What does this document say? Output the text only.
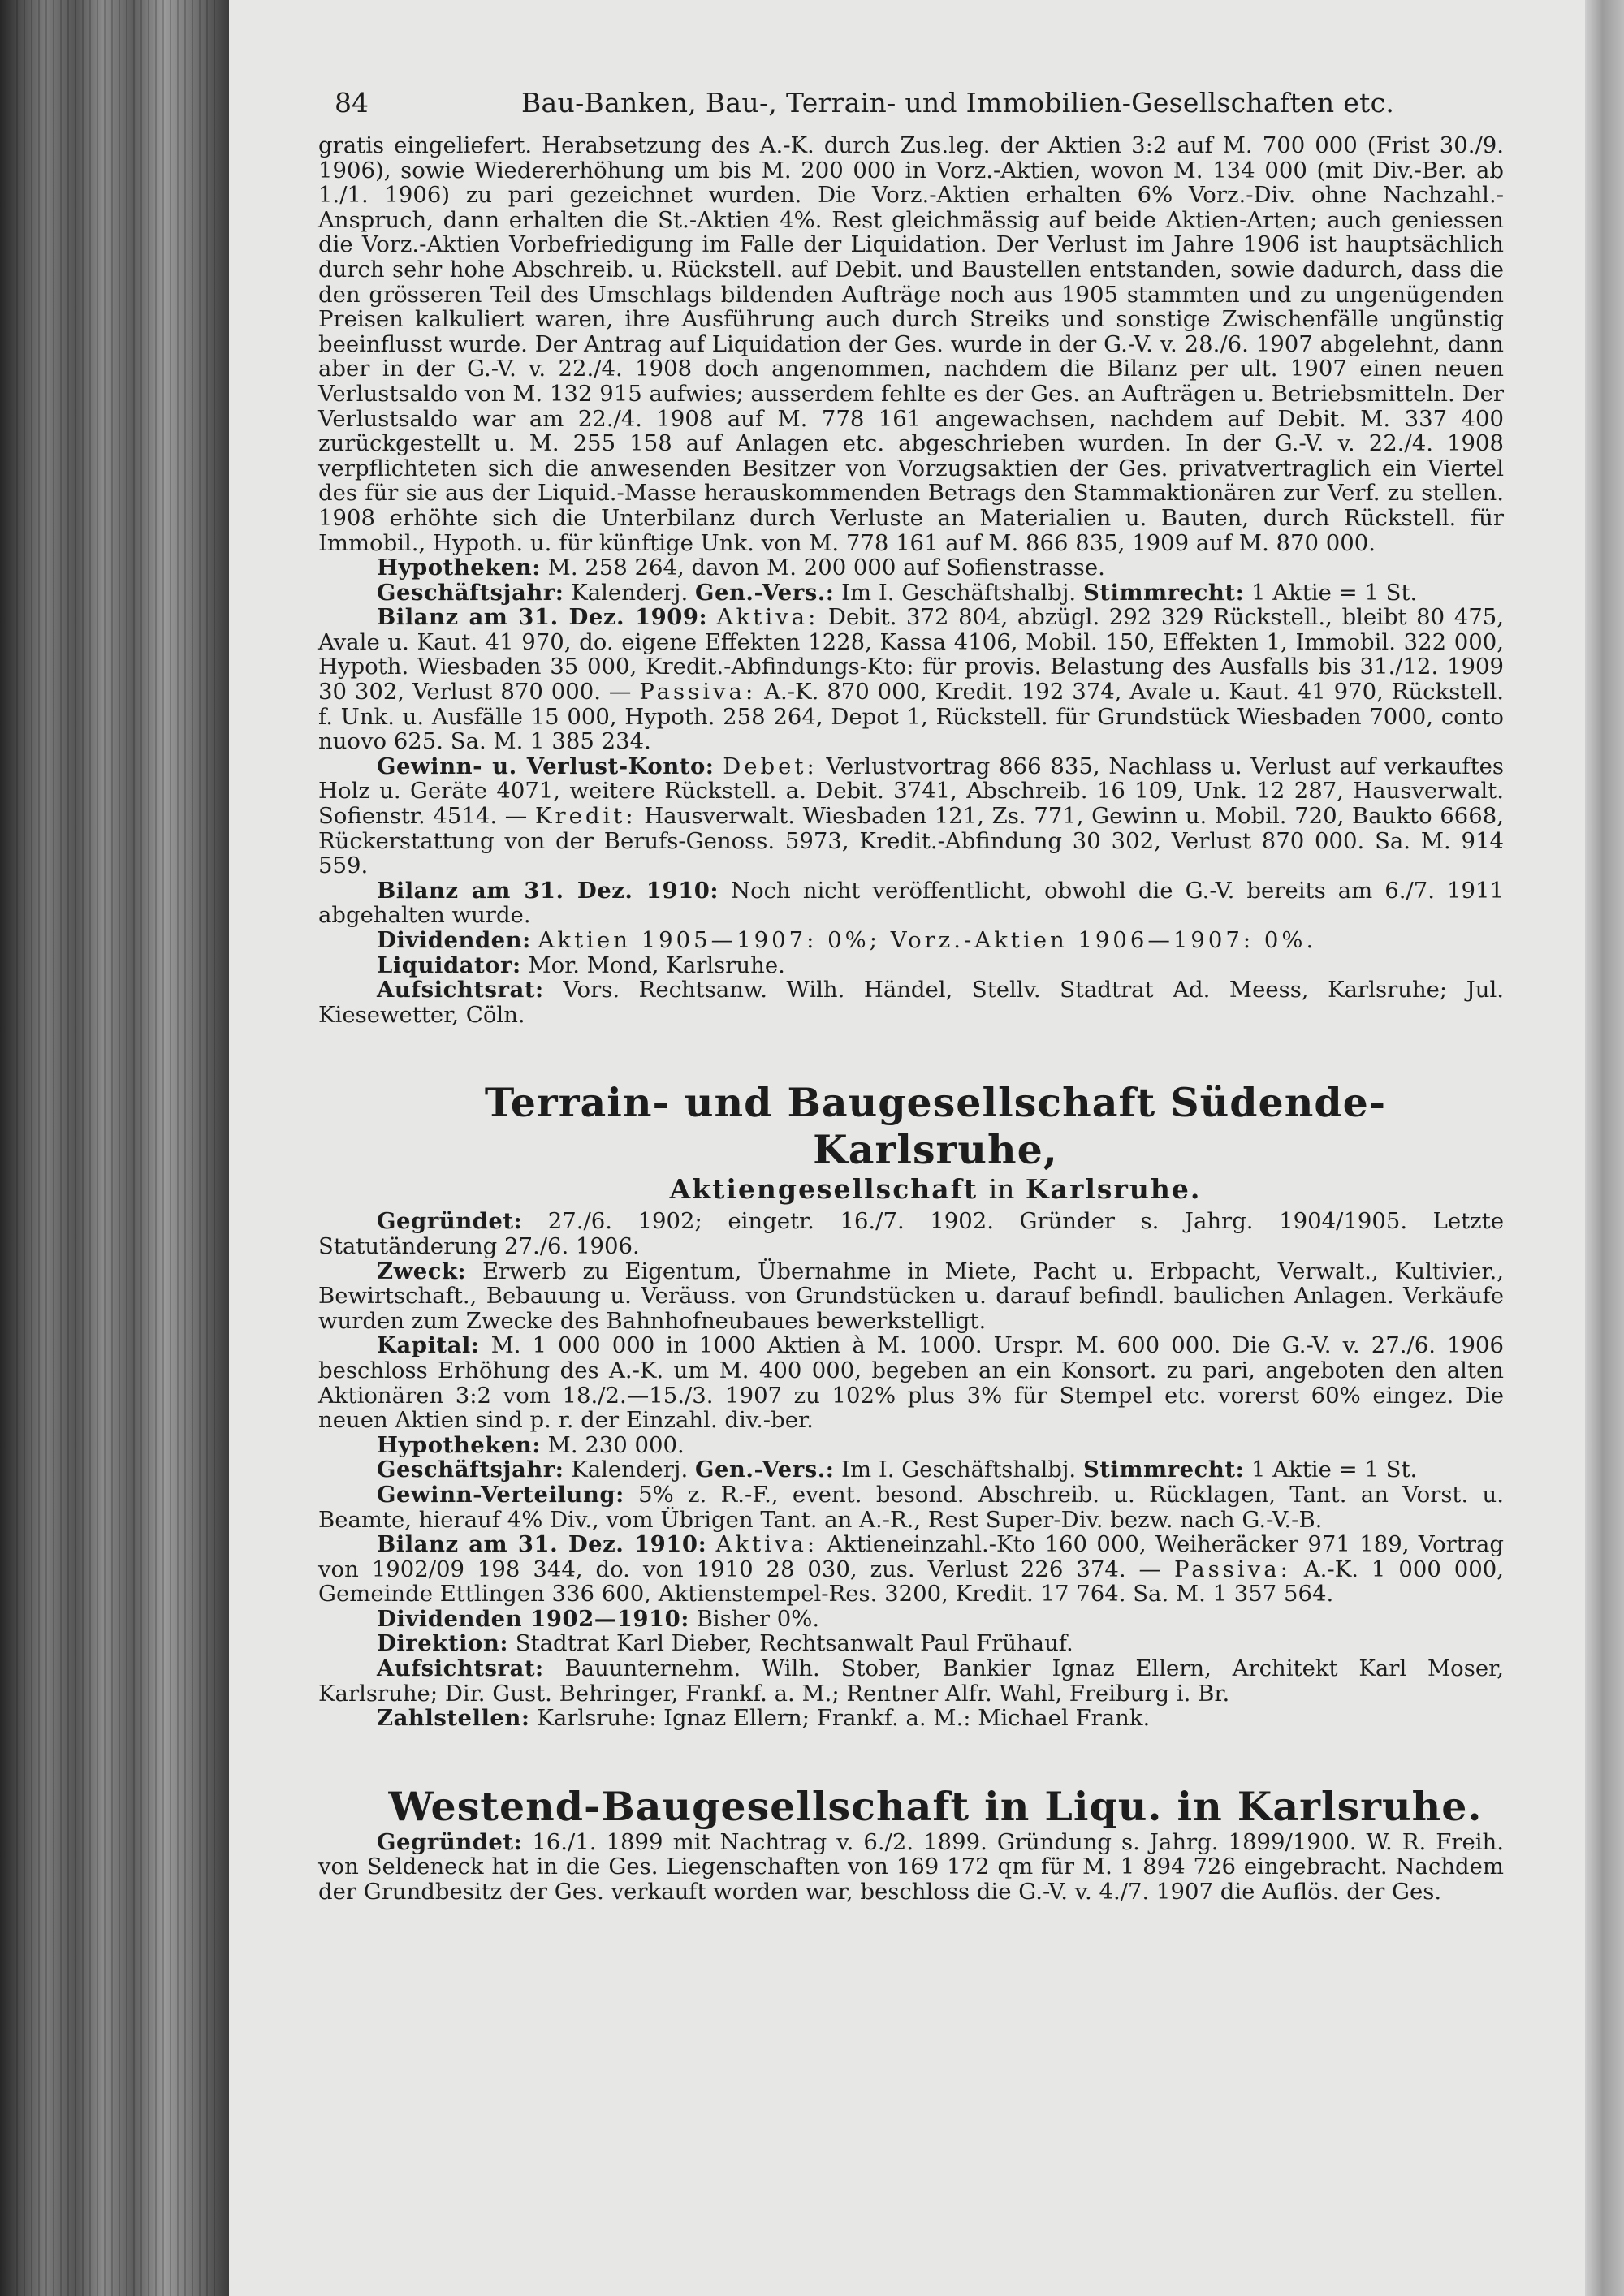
84	Bau-Banken, Bau-, Terrain- und Immobilien-Gesellschaften etc.

gratis eingeliefert. Herabsetzung des A.-K. durch Zus.leg. der Aktien 3:2 auf M. 700 000 (Frist 30./9. 1906), sowie Wiedererhöhung um bis M. 200 000 in Vorz.-Aktien, wovon M. 134 000 (mit Div.-Ber. ab 1./1. 1906) zu pari gezeichnet wurden. Die Vorz.-Aktien erhalten 6% Vorz.-Div. ohne Nachzahl.-Anspruch, dann erhalten die St.-Aktien 4%. Rest gleichmässig auf beide Aktien-Arten; auch geniessen die Vorz.-Aktien Vorbefriedigung im Falle der Liquidation. Der Verlust im Jahre 1906 ist hauptsächlich durch sehr hohe Abschreib. u. Rückstell. auf Debit. und Baustellen entstanden, sowie dadurch, dass die den grösseren Teil des Umschlags bildenden Aufträge noch aus 1905 stammten und zu ungenügenden Preisen kalkuliert waren, ihre Ausführung auch durch Streiks und sonstige Zwischenfälle ungünstig beeinflusst wurde. Der Antrag auf Liquidation der Ges. wurde in der G.-V. v. 28./6. 1907 abgelehnt, dann aber in der G.-V. v. 22./4. 1908 doch angenommen, nachdem die Bilanz per ult. 1907 einen neuen Verlustsaldo von M. 132 915 aufwies; ausserdem fehlte es der Ges. an Aufträgen u. Betriebsmitteln. Der Verlustsaldo war am 22./4. 1908 auf M. 778 161 angewachsen, nachdem auf Debit. M. 337 400 zurückgestellt u. M. 255 158 auf Anlagen etc. abgeschrieben wurden. In der G.-V. v. 22./4. 1908 verpflichteten sich die anwesenden Besitzer von Vorzugsaktien der Ges. privatvertraglich ein Viertel des für sie aus der Liquid.-Masse herauskommenden Betrags den Stammaktionären zur Verf. zu stellen. 1908 erhöhte sich die Unterbilanz durch Verluste an Materialien u. Bauten, durch Rückstell. für Immobil., Hypoth. u. für künftige Unk. von M. 778 161 auf M. 866 835, 1909 auf M. 870 000.

Hypotheken: M. 258 264, davon M. 200 000 auf Sofienstrasse.

Geschäftsjahr: Kalenderj. Gen.-Vers.: Im I. Geschäftshalbj. Stimmrecht: 1 Aktie = 1 St.

Bilanz am 31. Dez. 1909: Aktiva: Debit. 372 804, abzügl. 292 329 Rückstell., bleibt 80 475, Avale u. Kaut. 41 970, do. eigene Effekten 1228, Kassa 4106, Mobil. 150, Effekten 1, Immobil. 322 000, Hypoth. Wiesbaden 35 000, Kredit.-Abfindungs-Kto: für provis. Belastung des Ausfalls bis 31./12. 1909 30 302, Verlust 870 000. — Passiva: A.-K. 870 000, Kredit. 192 374, Avale u. Kaut. 41 970, Rückstell. f. Unk. u. Ausfälle 15 000, Hypoth. 258 264, Depot 1, Rückstell. für Grundstück Wiesbaden 7000, conto nuovo 625. Sa. M. 1 385 234.

Gewinn- u. Verlust-Konto: Debet: Verlustvortrag 866 835, Nachlass u. Verlust auf verkauftes Holz u. Geräte 4071, weitere Rückstell. a. Debit. 3741, Abschreib. 16 109, Unk. 12 287, Hausverwalt. Sofienstr. 4514. — Kredit: Hausverwalt. Wiesbaden 121, Zs. 771, Gewinn u. Mobil. 720, Baukto 6668, Rückerstattung von der Berufs-Genoss. 5973, Kredit.-Abfindung 30 302, Verlust 870 000. Sa. M. 914 559.

Bilanz am 31. Dez. 1910: Noch nicht veröffentlicht, obwohl die G.-V. bereits am 6./7. 1911 abgehalten wurde.

Dividenden: Aktien 1905—1907: 0%; Vorz.-Aktien 1906—1907: 0%.

Liquidator: Mor. Mond, Karlsruhe.

Aufsichtsrat: Vors. Rechtsanw. Wilh. Händel, Stellv. Stadtrat Ad. Meess, Karlsruhe; Jul. Kiesewetter, Cöln.

Terrain- und Baugesellschaft Südende-Karlsruhe,
Aktiengesellschaft in Karlsruhe.

Gegründet: 27./6. 1902; eingetr. 16./7. 1902. Gründer s. Jahrg. 1904/1905. Letzte Statutänderung 27./6. 1906.

Zweck: Erwerb zu Eigentum, Übernahme in Miete, Pacht u. Erbpacht, Verwalt., Kultivier., Bewirtschaft., Bebauung u. Veräuss. von Grundstücken u. darauf befindl. baulichen Anlagen. Verkäufe wurden zum Zwecke des Bahnhofneubaues bewerkstelligt.

Kapital: M. 1 000 000 in 1000 Aktien à M. 1000. Urspr. M. 600 000. Die G.-V. v. 27./6. 1906 beschloss Erhöhung des A.-K. um M. 400 000, begeben an ein Konsort. zu pari, angeboten den alten Aktionären 3:2 vom 18./2.—15./3. 1907 zu 102% plus 3% für Stempel etc. vorerst 60% eingez. Die neuen Aktien sind p. r. der Einzahl. div.-ber.

Hypotheken: M. 230 000.

Geschäftsjahr: Kalenderj. Gen.-Vers.: Im I. Geschäftshalbj. Stimmrecht: 1 Aktie = 1 St.

Gewinn-Verteilung: 5% z. R.-F., event. besond. Abschreib. u. Rücklagen, Tant. an Vorst. u. Beamte, hierauf 4% Div., vom Übrigen Tant. an A.-R., Rest Super-Div. bezw. nach G.-V.-B.

Bilanz am 31. Dez. 1910: Aktiva: Aktieneinzahl.-Kto 160 000, Weiheräcker 971 189, Vortrag von 1902/09 198 344, do. von 1910 28 030, zus. Verlust 226 374. — Passiva: A.-K. 1 000 000, Gemeinde Ettlingen 336 600, Aktienstempel-Res. 3200, Kredit. 17 764. Sa. M. 1 357 564.

Dividenden 1902—1910: Bisher 0%.

Direktion: Stadtrat Karl Dieber, Rechtsanwalt Paul Frühauf.

Aufsichtsrat: Bauunternehm. Wilh. Stober, Bankier Ignaz Ellern, Architekt Karl Moser, Karlsruhe; Dir. Gust. Behringer, Frankf. a. M.; Rentner Alfr. Wahl, Freiburg i. Br.

Zahlstellen: Karlsruhe: Ignaz Ellern; Frankf. a. M.: Michael Frank.

Westend-Baugesellschaft in Liqu. in Karlsruhe.

Gegründet: 16./1. 1899 mit Nachtrag v. 6./2. 1899. Gründung s. Jahrg. 1899/1900. W. R. Freih. von Seldeneck hat in die Ges. Liegenschaften von 169 172 qm für M. 1 894 726 eingebracht. Nachdem der Grundbesitz der Ges. verkauft worden war, beschloss die G.-V. v. 4./7. 1907 die Auflös. der Ges.
